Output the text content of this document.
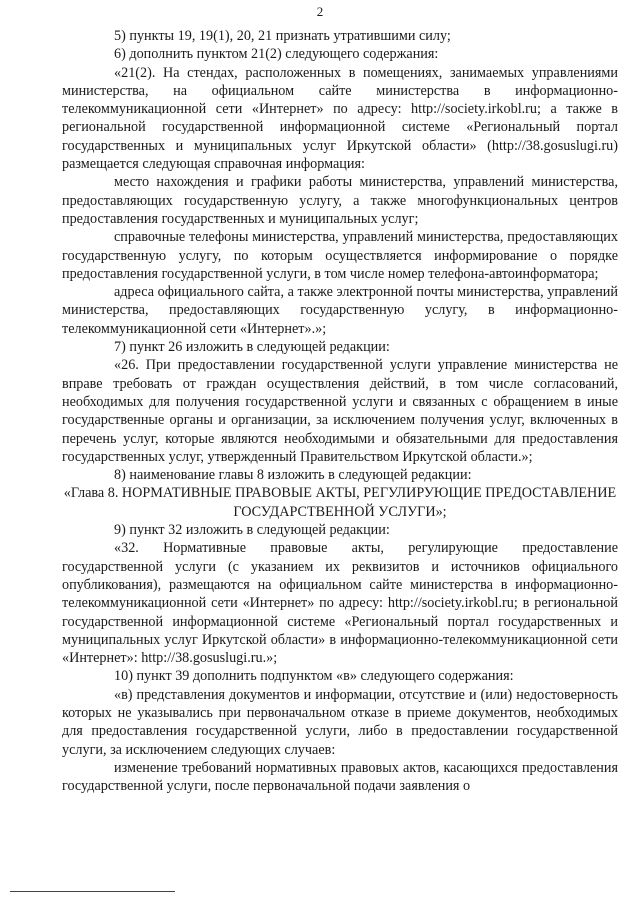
2

5) пункты 19, 19(1), 20, 21 признать утратившими силу;

6) дополнить пунктом 21(2) следующего содержания:

«21(2). На стендах, расположенных в помещениях, занимаемых управлениями министерства, на официальном сайте министерства в информационно-телекоммуникационной сети «Интернет» по адресу: http://society.irkobl.ru; а также в региональной государственной информационной системе «Региональный портал государственных и муниципальных услуг Иркутской области» (http://38.gosuslugi.ru) размещается следующая справочная информация:

место нахождения и графики работы министерства, управлений министерства, предоставляющих государственную услугу, а также многофункциональных центров предоставления государственных и муниципальных услуг;

справочные телефоны министерства, управлений министерства, предоставляющих государственную услугу, по которым осуществляется информирование о порядке предоставления государственной услуги, в том числе номер телефона-автоинформатора;

адреса официального сайта, а также электронной почты министерства, управлений министерства, предоставляющих государственную услугу, в информационно-телекоммуникационной сети «Интернет».»;

7) пункт 26 изложить в следующей редакции:

«26. При предоставлении государственной услуги управление министерства не вправе требовать от граждан осуществления действий, в том числе согласований, необходимых для получения государственной услуги и связанных с обращением в иные государственные органы и организации, за исключением получения услуг, включенных в перечень услуг, которые являются необходимыми и обязательными для предоставления государственных услуг, утвержденный Правительством Иркутской области.»;

8) наименование главы 8 изложить в следующей редакции:

«Глава 8. НОРМАТИВНЫЕ ПРАВОВЫЕ АКТЫ, РЕГУЛИРУЮЩИЕ ПРЕДОСТАВЛЕНИЕ ГОСУДАРСТВЕННОЙ УСЛУГИ»;

9) пункт 32 изложить в следующей редакции:

«32. Нормативные правовые акты, регулирующие предоставление государственной услуги (с указанием их реквизитов и источников официального опубликования), размещаются на официальном сайте министерства в информационно-телекоммуникационной сети «Интернет» по адресу: http://society.irkobl.ru; в региональной государственной информационной системе «Региональный портал государственных и муниципальных услуг Иркутской области» в информационно-телекоммуникационной сети «Интернет»: http://38.gosuslugi.ru.»;

10) пункт 39 дополнить подпунктом «в» следующего содержания:

«в) представления документов и информации, отсутствие и (или) недостоверность которых не указывались при первоначальном отказе в приеме документов, необходимых для предоставления государственной услуги, либо в предоставлении государственной услуги, за исключением следующих случаев:

изменение требований нормативных правовых актов, касающихся предоставления государственной услуги, после первоначальной подачи заявления о
